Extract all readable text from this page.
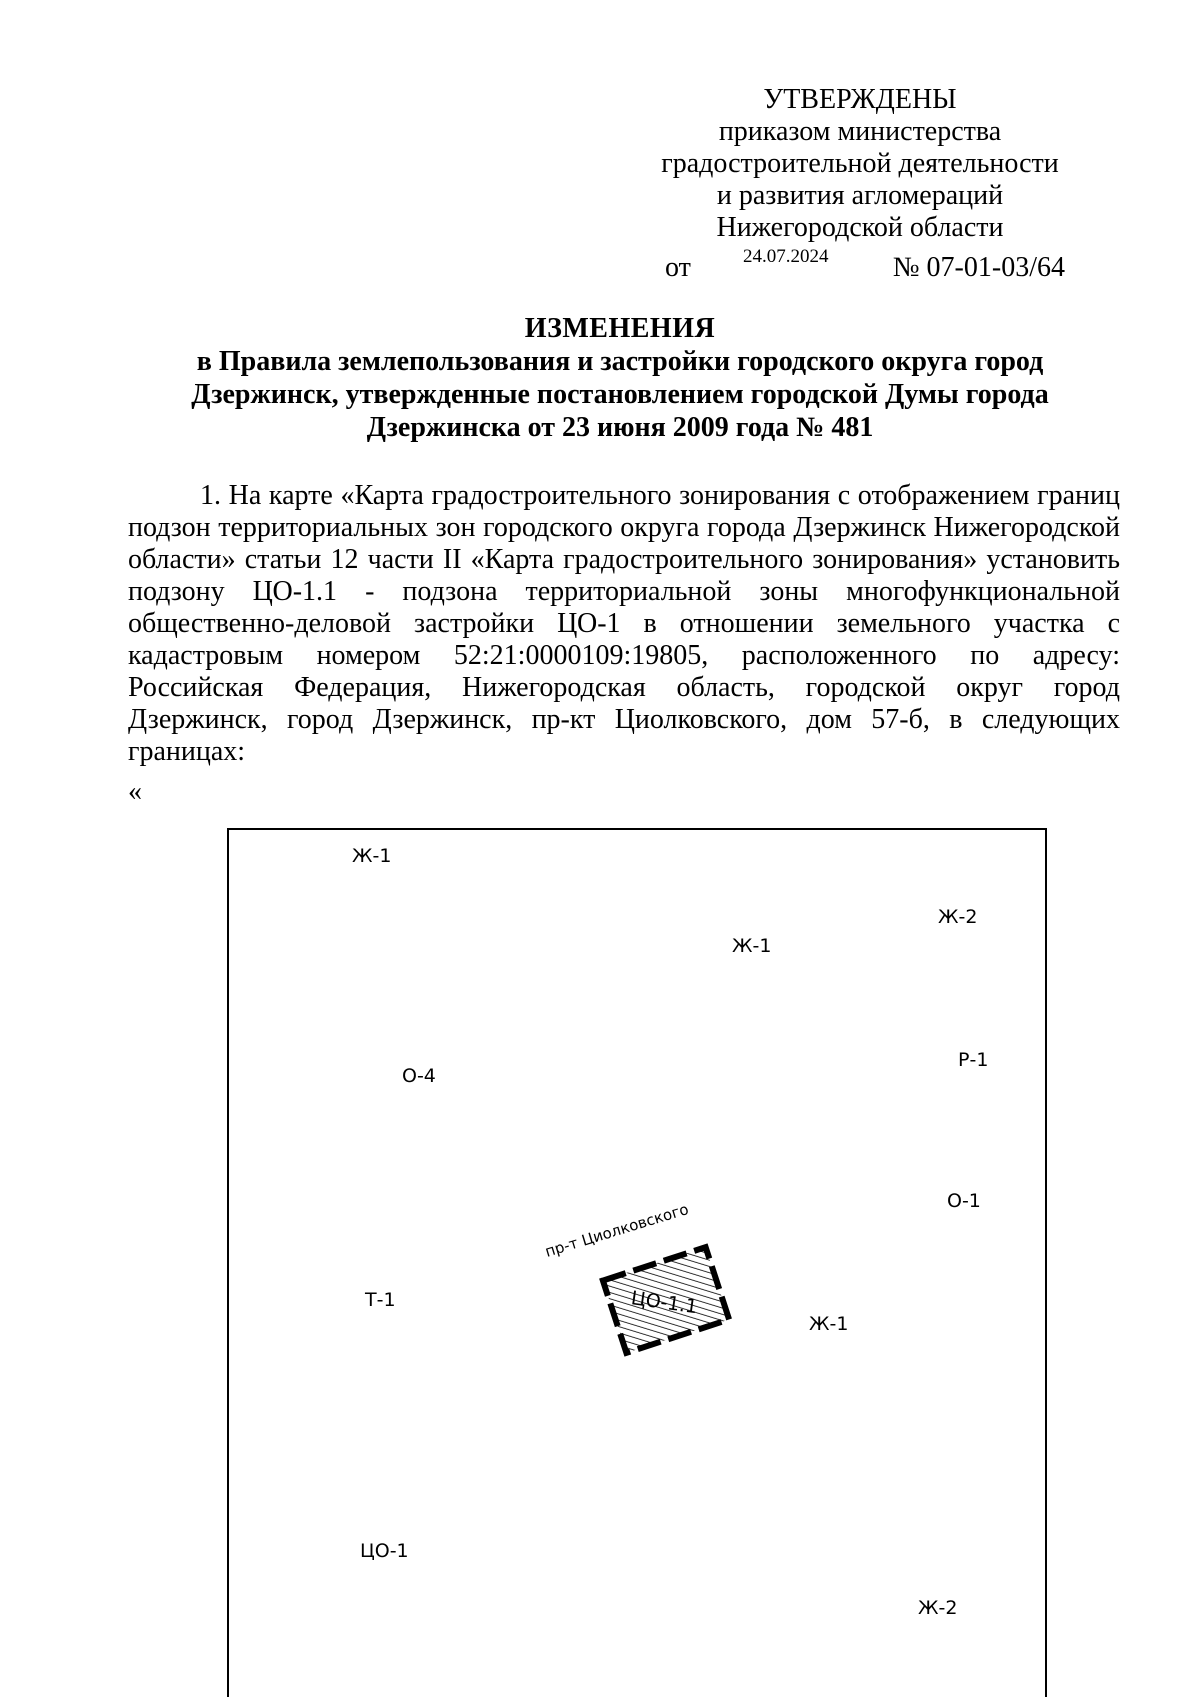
УТВЕРЖДЕНЫ
приказом министерства
градостроительной деятельности
и развития агломераций
Нижегородской области
от	24.07.2024 № 07-01-03/64
ИЗМЕНЕНИЯ
в Правила землепользования и застройки городского округа город Дзержинск, утвержденные постановлением городской Думы города Дзержинска от 23 июня 2009 года № 481

1. На карте «Карта градостроительного зонирования с отображением границ подзон территориальных зон городского округа города Дзержинск Нижегородской области» статьи 12 части II «Карта градостроительного зонирования» установить подзону ЦО-1.1 - подзона территориальной зоны многофункциональной общественно-деловой застройки ЦО-1 в отношении земельного участка с кадастровым номером 52:21:0000109:19805, расположенного по адресу: Российская Федерация, Нижегородская область, городской округ город Дзержинск, город Дзержинск, пр-кт Циолковского, дом 57-б, в следующих границах:

«
Ж-1
Ж-2
Ж-1
Р-1
О-4
О-1
Т-1
Ж-1
ЦО-1
Ж-2
пр-т Циолковского
ЦО-1.1
